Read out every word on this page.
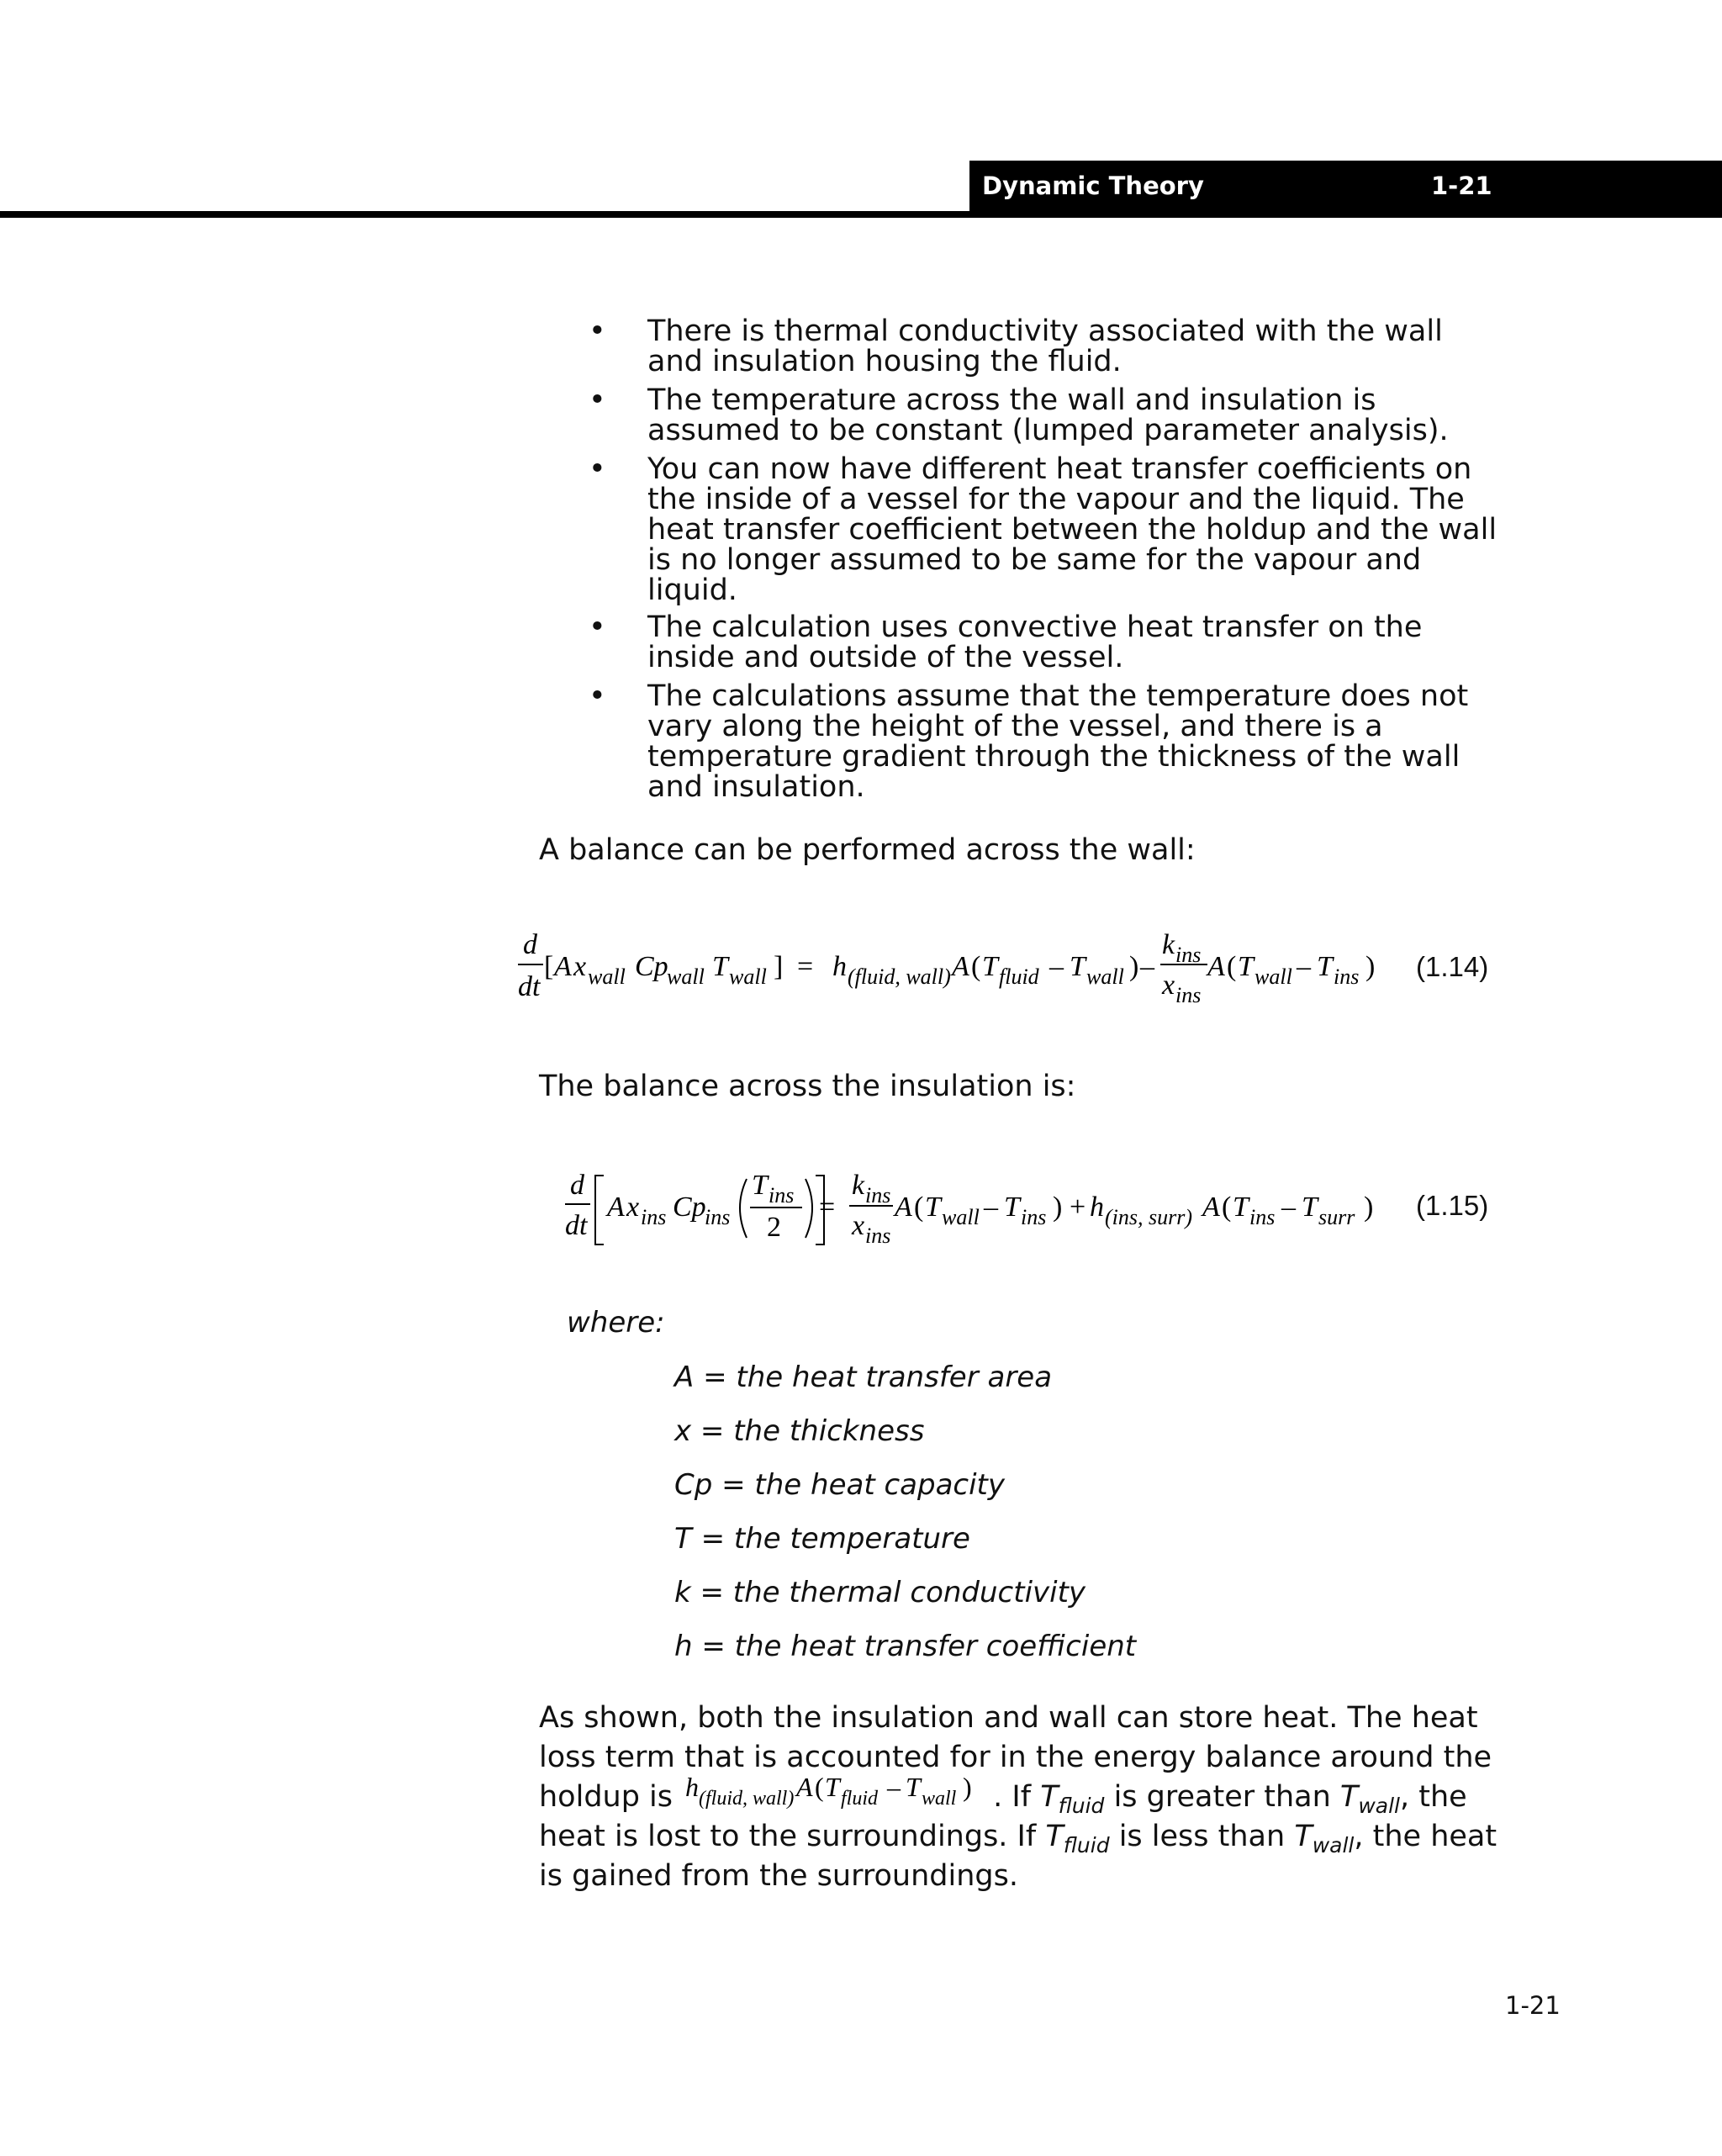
Dynamic Theory	1-21
• There is thermal conductivity associated with the wall
and insulation housing the fluid.
• The temperature across the wall and insulation is
assumed to be constant (lumped parameter analysis).
• You can now have different heat transfer coefficients on
the inside of a vessel for the vapour and the liquid. The
heat transfer coefficient between the holdup and the wall
is no longer assumed to be same for the vapour and
liquid.
• The calculation uses convective heat transfer on the
inside and outside of the vessel.
• The calculations assume that the temperature does not
vary along the height of the vessel, and there is a
temperature gradient through the thickness of the wall
and insulation.
A balance can be performed across the wall:
d
dt
[ A x wall Cp
wall T wall ] = h (fluid, wall) A ( T fluid – T wall ) –
k ins
x ins
A ( T wall – T ins ) (1.14)
The balance across the insulation is:
d
dt
A x ins Cp
ins
T ins
2
=
k ins
x ins
A ( T wall – T ins ) + h (ins, surr) A ( T ins – T surr ) (1.15)
where:
A = the heat transfer area
x = the thickness
Cp = the heat capacity
T = the temperature
k = the thermal conductivity
h = the heat transfer coefficient
As shown, both the insulation and wall can store heat. The heat
loss term that is accounted for in the energy balance around the
holdup is h (fluid, wall) A ( T fluid – T wall ) . If $T_{fluid}$ is greater than $T_{wall}$, the
heat is lost to the surroundings. If $T_{fluid}$ is less than $T_{wall}$, the heat
is gained from the surroundings.
1-21
